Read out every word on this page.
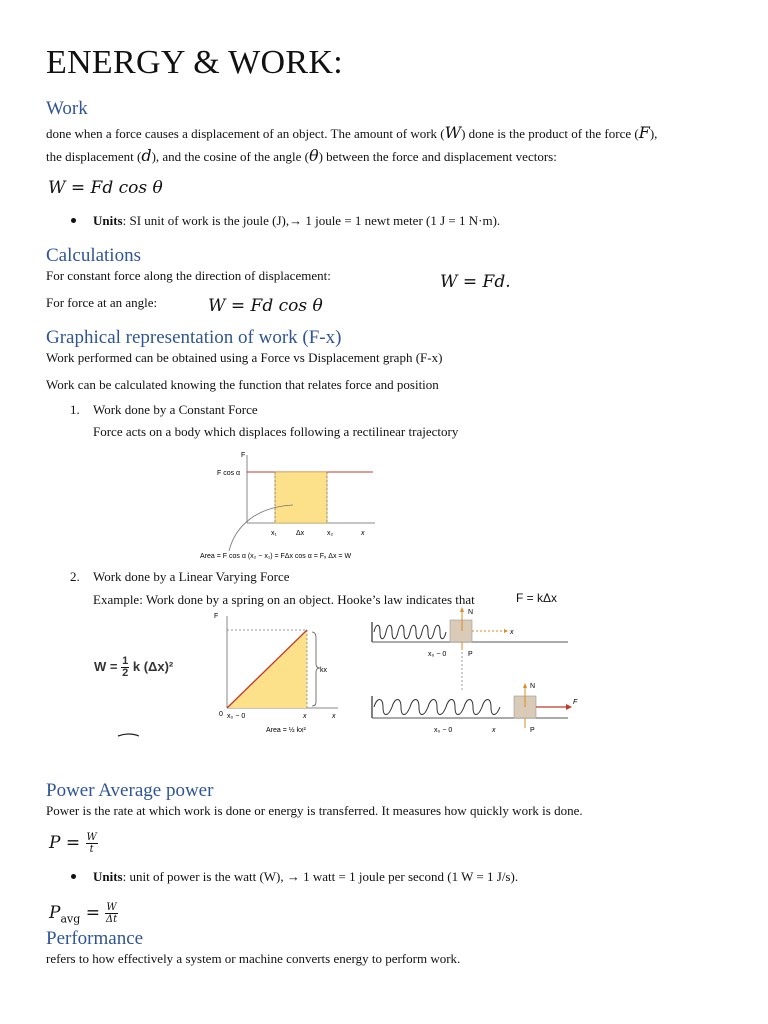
ENERGY & WORK:
Work
done when a force causes a displacement of an object. The amount of work (W) done is the product of the force (F),
the displacement (d), and the cosine of the angle (θ) between the force and displacement vectors:
W = Fd cos θ
Units: SI unit of work is the joule (J),→ 1 joule = 1 newt meter (1 J = 1 N·m).
Calculations
For constant force along the direction of displacement:	W = Fd.
For force at an angle:	W = Fd cos θ
Graphical representation of work (F-x)
Work performed can be obtained using a Force vs Displacement graph (F-x)
Work can be calculated knowing the function that relates force and position
1. Work done by a Constant Force
Force acts on a body which displaces following a rectilinear trajectory
F
F cos α
x₁	Δx	x₂	x
Area = F cos α (x₂ − x₁) = FΔx cos α = Fₓ Δx = W
2. Work done by a Linear Varying Force
Example: Work done by a spring on an object. Hooke’s law indicates that	F = kΔx
$W = \frac{1}{2}$ k (Δx)²
F
kx
0 x₀ − 0	x	x
Area = ½ kx²
N
x
x₀ − 0	P
N
F
x₀ − 0	x	P
Power Average power
Power is the rate at which work is done or energy is transferred. It measures how quickly work is done.
$P = \frac{W}{t}$
Units: unit of power is the watt (W), → 1 watt = 1 joule per second (1 W = 1 J/s).
$P_{avg} = \frac{W}{\Delta t}$
Performance
refers to how effectively a system or machine converts energy to perform work.
